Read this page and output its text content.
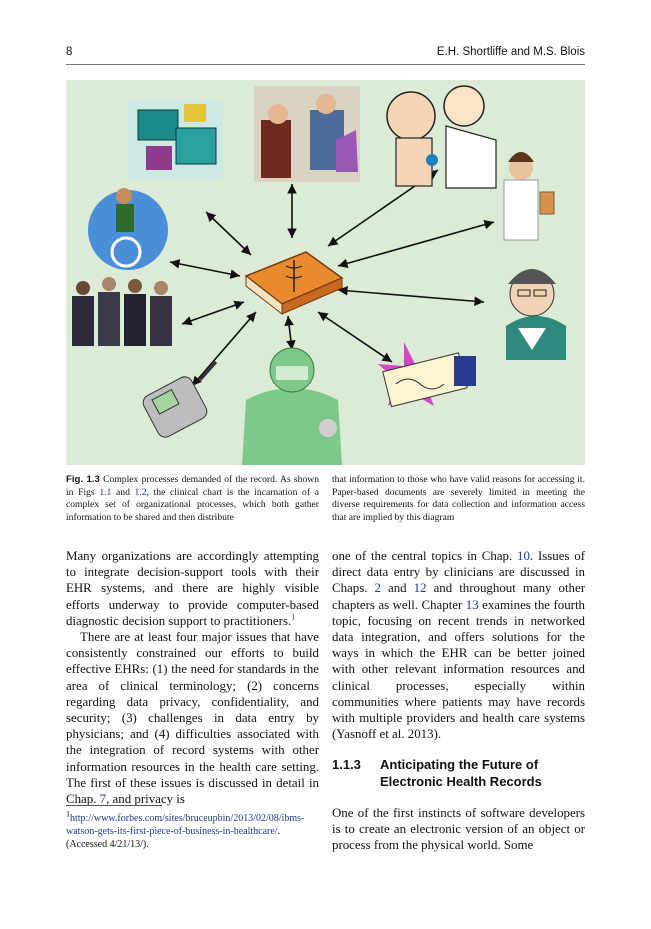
8	E.H. Shortliffe and M.S. Blois
Fig. 1.3 Complex processes demanded of the record. As shown in Figs 1.1 and 1.2, the clinical chart is the incarnation of a complex set of organizational processes, which both gather information to be shared and then distribute
that information to those who have valid reasons for accessing it. Paper-based documents are severely limited in meeting the diverse requirements for data collection and information access that are implied by this diagram

Many organizations are accordingly attempting to integrate decision-support tools with their EHR systems, and there are highly visible efforts underway to provide computer-based diagnostic decision support to practitioners.$^1$

There are at least four major issues that have consistently constrained our efforts to build effective EHRs: (1) the need for standards in the area of clinical terminology; (2) concerns regarding data privacy, confidentiality, and security; (3) challenges in data entry by physicians; and (4) difficulties associated with the integration of record systems with other information resources in the health care setting. The first of these issues is discussed in detail in Chap. 7, and privacy is

one of the central topics in Chap. 10. Issues of direct data entry by clinicians are discussed in Chaps. 2 and 12 and throughout many other chapters as well. Chapter 13 examines the fourth topic, focusing on recent trends in networked data integration, and offers solutions for the ways in which the EHR can be better joined with other relevant information resources and clinical processes, especially within communities where patients may have records with multiple providers and health care systems (Yasnoff et al. 2013).

1.1.3 Anticipating the Future of Electronic Health Records

One of the first instincts of software developers is to create an electronic version of an object or process from the physical world. Some

$^1$http://www.forbes.com/sites/bruceupbin/2013/02/08/ibms-watson-gets-its-first-piece-of-business-in-healthcare/. (Accessed 4/21/13/).
